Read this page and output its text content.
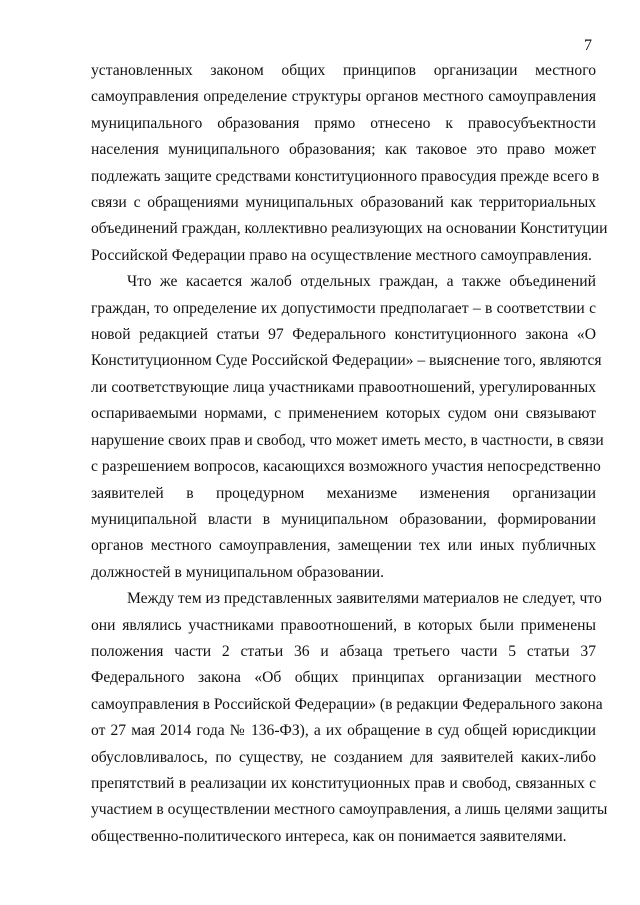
7

установленных законом общих принципов организации местного
самоуправления определение структуры органов местного самоуправления
муниципального образования прямо отнесено к правосубъектности
населения муниципального образования; как таковое это право может
подлежать защите средствами конституционного правосудия прежде всего в
связи с обращениями муниципальных образований как территориальных
объединений граждан, коллективно реализующих на основании Конституции
Российской Федерации право на осуществление местного самоуправления.

Что же касается жалоб отдельных граждан, а также объединений
граждан, то определение их допустимости предполагает – в соответствии с
новой редакцией статьи 97 Федерального конституционного закона «О
Конституционном Суде Российской Федерации» – выяснение того, являются
ли соответствующие лица участниками правоотношений, урегулированных
оспариваемыми нормами, с применением которых судом они связывают
нарушение своих прав и свобод, что может иметь место, в частности, в связи
с разрешением вопросов, касающихся возможного участия непосредственно
заявителей в процедурном механизме изменения организации
муниципальной власти в муниципальном образовании, формировании
органов местного самоуправления, замещении тех или иных публичных
должностей в муниципальном образовании.

Между тем из представленных заявителями материалов не следует, что
они являлись участниками правоотношений, в которых были применены
положения части 2 статьи 36 и абзаца третьего части 5 статьи 37
Федерального закона «Об общих принципах организации местного
самоуправления в Российской Федерации» (в редакции Федерального закона
от 27 мая 2014 года № 136-ФЗ), а их обращение в суд общей юрисдикции
обусловливалось, по существу, не созданием для заявителей каких-либо
препятствий в реализации их конституционных прав и свобод, связанных с
участием в осуществлении местного самоуправления, а лишь целями защиты
общественно-политического интереса, как он понимается заявителями.
